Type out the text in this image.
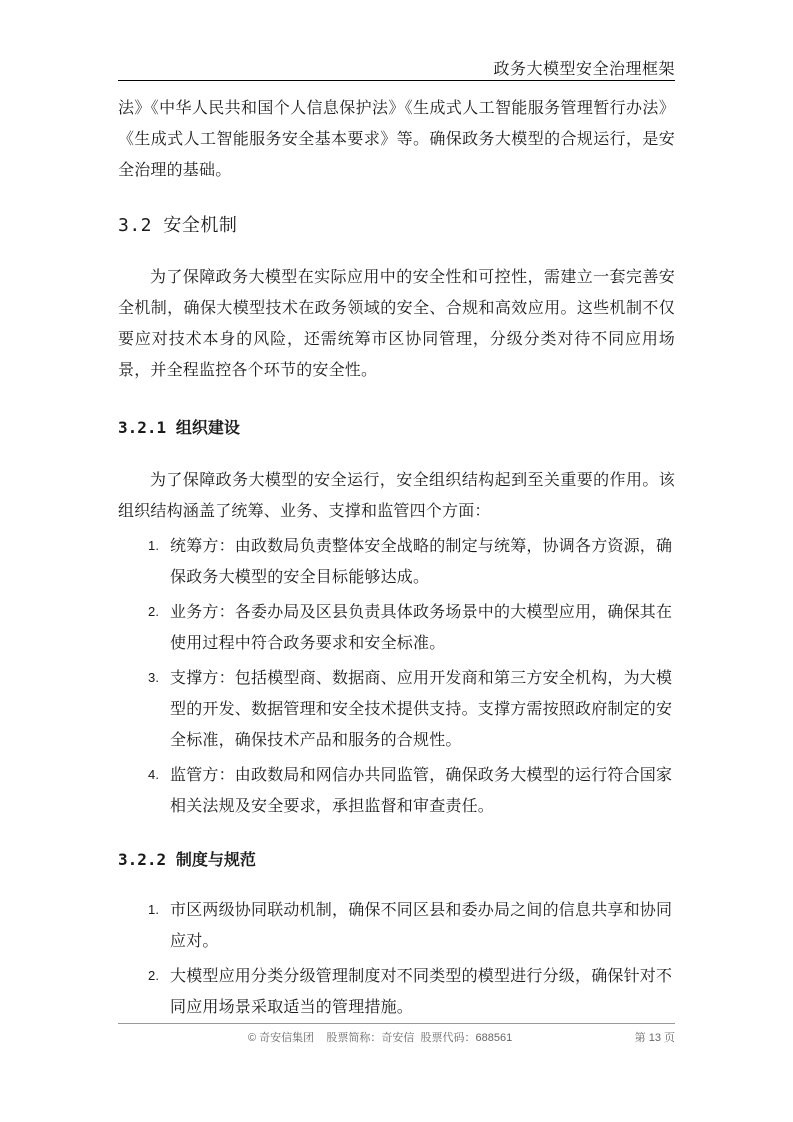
政务大模型安全治理框架

法》《中华人民共和国个人信息保护法》《生成式人工智能服务管理暂行办法》《生成式人工智能服务安全基本要求》等。确保政务大模型的合规运行，是安全治理的基础。

3.2 安全机制

为了保障政务大模型在实际应用中的安全性和可控性，需建立一套完善安全机制，确保大模型技术在政务领域的安全、合规和高效应用。这些机制不仅要应对技术本身的风险，还需统筹市区协同管理，分级分类对待不同应用场景，并全程监控各个环节的安全性。

3.2.1 组织建设

为了保障政务大模型的安全运行，安全组织结构起到至关重要的作用。该组织结构涵盖了统筹、业务、支撑和监管四个方面：

1. 统筹方：由政数局负责整体安全战略的制定与统筹，协调各方资源，确保政务大模型的安全目标能够达成。
2. 业务方：各委办局及区县负责具体政务场景中的大模型应用，确保其在使用过程中符合政务要求和安全标准。
3. 支撑方：包括模型商、数据商、应用开发商和第三方安全机构，为大模型的开发、数据管理和安全技术提供支持。支撑方需按照政府制定的安全标准，确保技术产品和服务的合规性。
4. 监管方：由政数局和网信办共同监管，确保政务大模型的运行符合国家相关法规及安全要求，承担监督和审查责任。
3.2.2 制度与规范
1. 市区两级协同联动机制，确保不同区县和委办局之间的信息共享和协同应对。
2. 大模型应用分类分级管理制度对不同类型的模型进行分级，确保针对不同应用场景采取适当的管理措施。
© 奇安信集团    股票简称：奇安信  股票代码：688561	第 13 页
